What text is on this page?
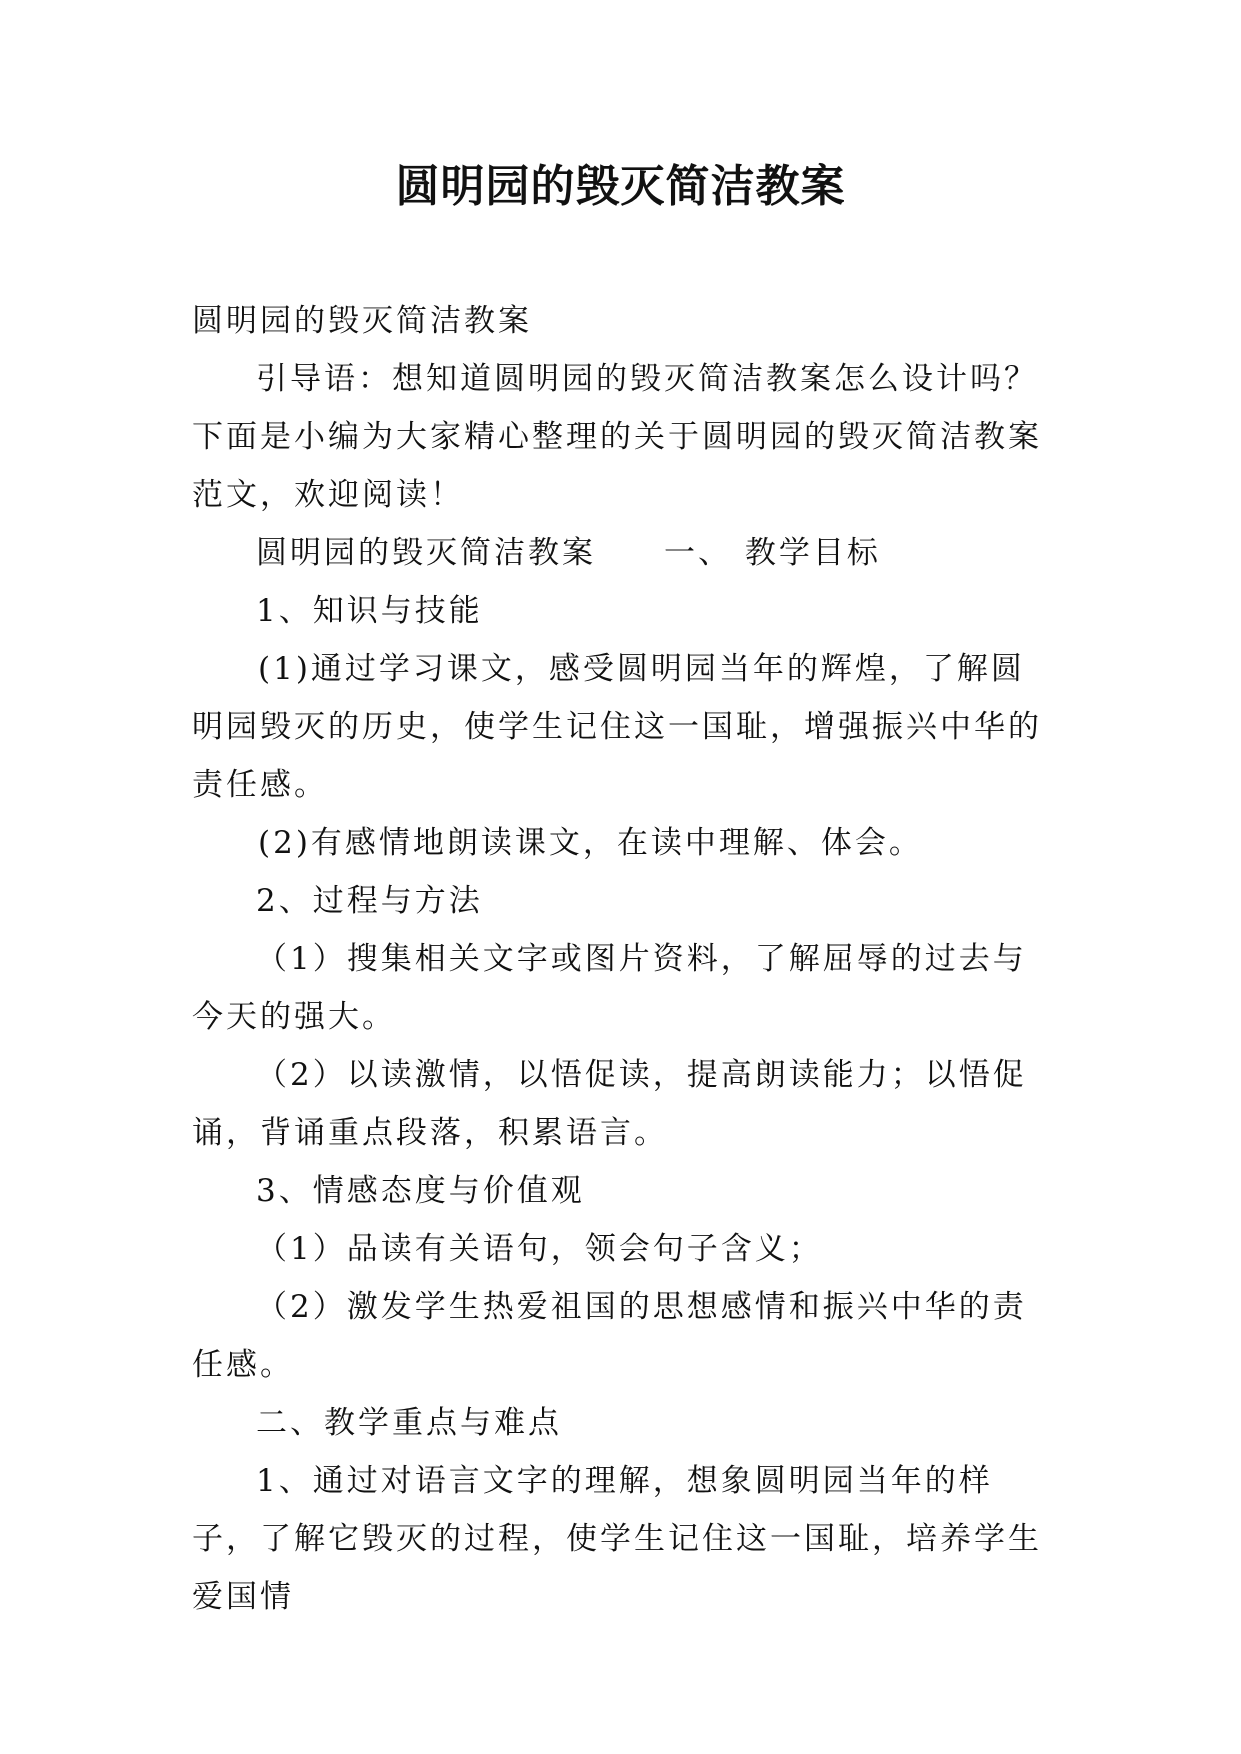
圆明园的毁灭简洁教案

圆明园的毁灭简洁教案

引导语：想知道圆明园的毁灭简洁教案怎么设计吗？下面是小编为大家精心整理的关于圆明园的毁灭简洁教案范文，欢迎阅读！

圆明园的毁灭简洁教案　　一、 教学目标

1、知识与技能

(1)通过学习课文，感受圆明园当年的辉煌，了解圆明园毁灭的历史，使学生记住这一国耻，增强振兴中华的责任感。

(2)有感情地朗读课文，在读中理解、体会。

2、过程与方法

（1）搜集相关文字或图片资料，了解屈辱的过去与今天的强大。

（2）以读激情，以悟促读，提高朗读能力；以悟促诵，背诵重点段落，积累语言。

3、情感态度与价值观

（1）品读有关语句，领会句子含义；

（2）激发学生热爱祖国的思想感情和振兴中华的责任感。

二、教学重点与难点

1、通过对语言文字的理解，想象圆明园当年的样子，了解它毁灭的过程，使学生记住这一国耻，培养学生爱国情
